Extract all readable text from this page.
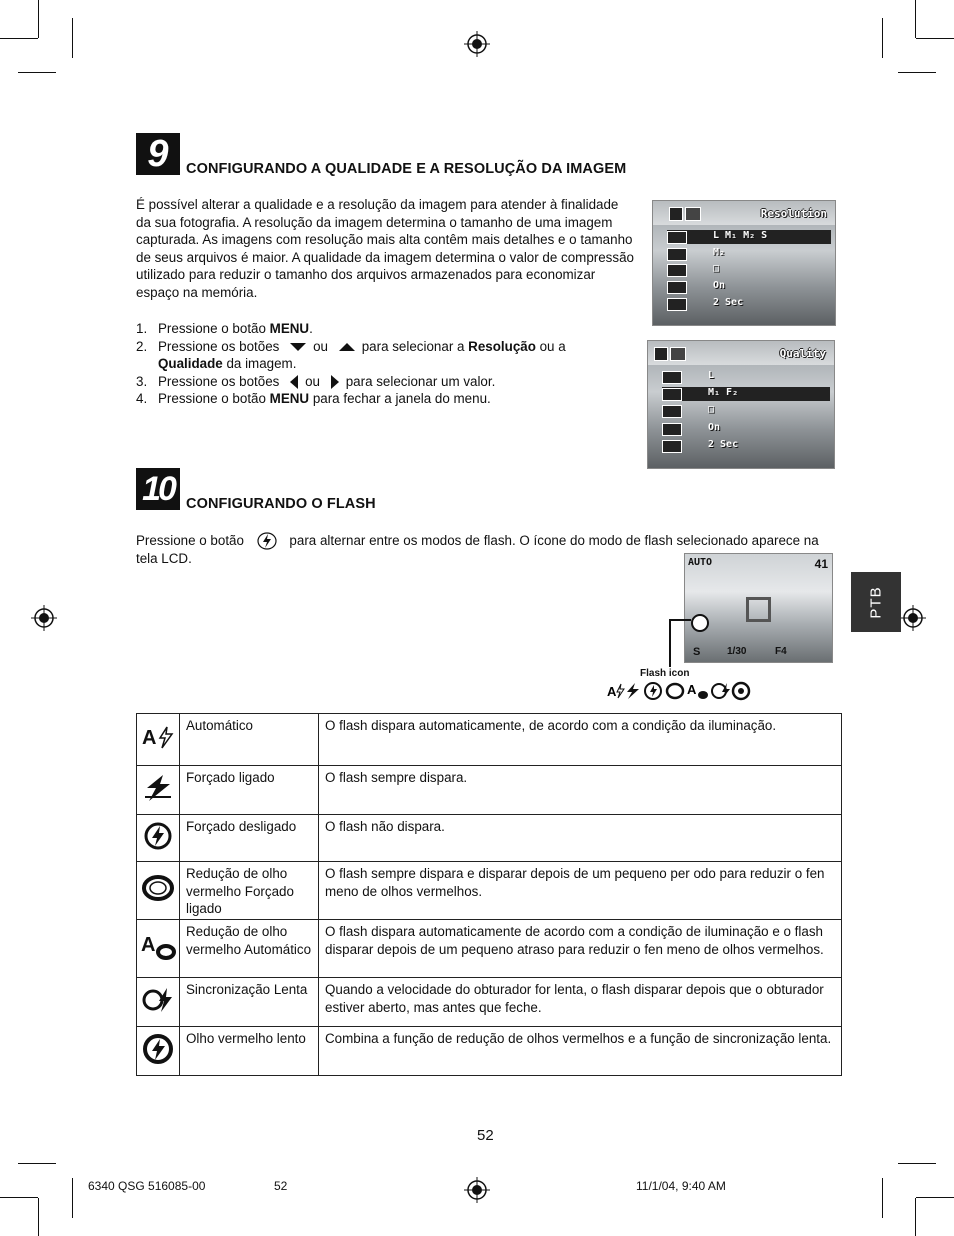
9	CONFIGURANDO A QUALIDADE E A RESOLUÇÃO DA IMAGEM
É possível alterar a qualidade e a resolução da imagem para atender à finalidade da sua fotografia. A resolução da imagem determina o tamanho de uma imagem capturada. As imagens com resolução mais alta contêm mais detalhes e o tamanho de seus arquivos é maior. A qualidade da imagem determina o valor de compressão utilizado para reduzir o tamanho dos arquivos armazenados para economizar espaço na memória.
1. Pressione o botão MENU.
2. Pressione os botões	ou	para selecionar a Resolução ou a Qualidade da imagem.
3. Pressione os botões ou para selecionar um valor.
4. Pressione o botão MENU para fechar a janela do menu.
Resolution
L M₁ M₂ S
M₂
□
On
2 Sec
Quality
L
M₁ F₂
□
On
2 Sec
10 CONFIGURANDO O FLASH
Pressione o botão	para alternar entre os modos de flash. O ícone do modo de flash selecionado aparece na tela LCD.	AUTO	41
S	1/30	F4
Flash icon
A	A
PTB
A	Automático	O flash dispara automaticamente, de acordo com a condição da iluminação.
	Forçado ligado	O flash sempre dispara.
	Forçado desligado	O flash não dispara.
	Redução de olho vermelho Forçado ligado	O flash sempre dispara e disparar depois de um pequeno per odo para reduzir o fen meno de olhos vermelhos.

A	Redução de olho vermelho Automático	O flash dispara automaticamente de acordo com a condição de iluminação e o flash disparar depois de um pequeno atraso para reduzir o fen meno de olhos vermelhos.
	Sincronização Lenta	Quando a velocidade do obturador for lenta, o flash disparar depois que o obturador estiver aberto, mas antes que feche.
	Olho vermelho lento	Combina a função de redução de olhos vermelhos e a função de sincronização lenta.
52
6340 QSG 516085-00	52	11/1/04, 9:40 AM
